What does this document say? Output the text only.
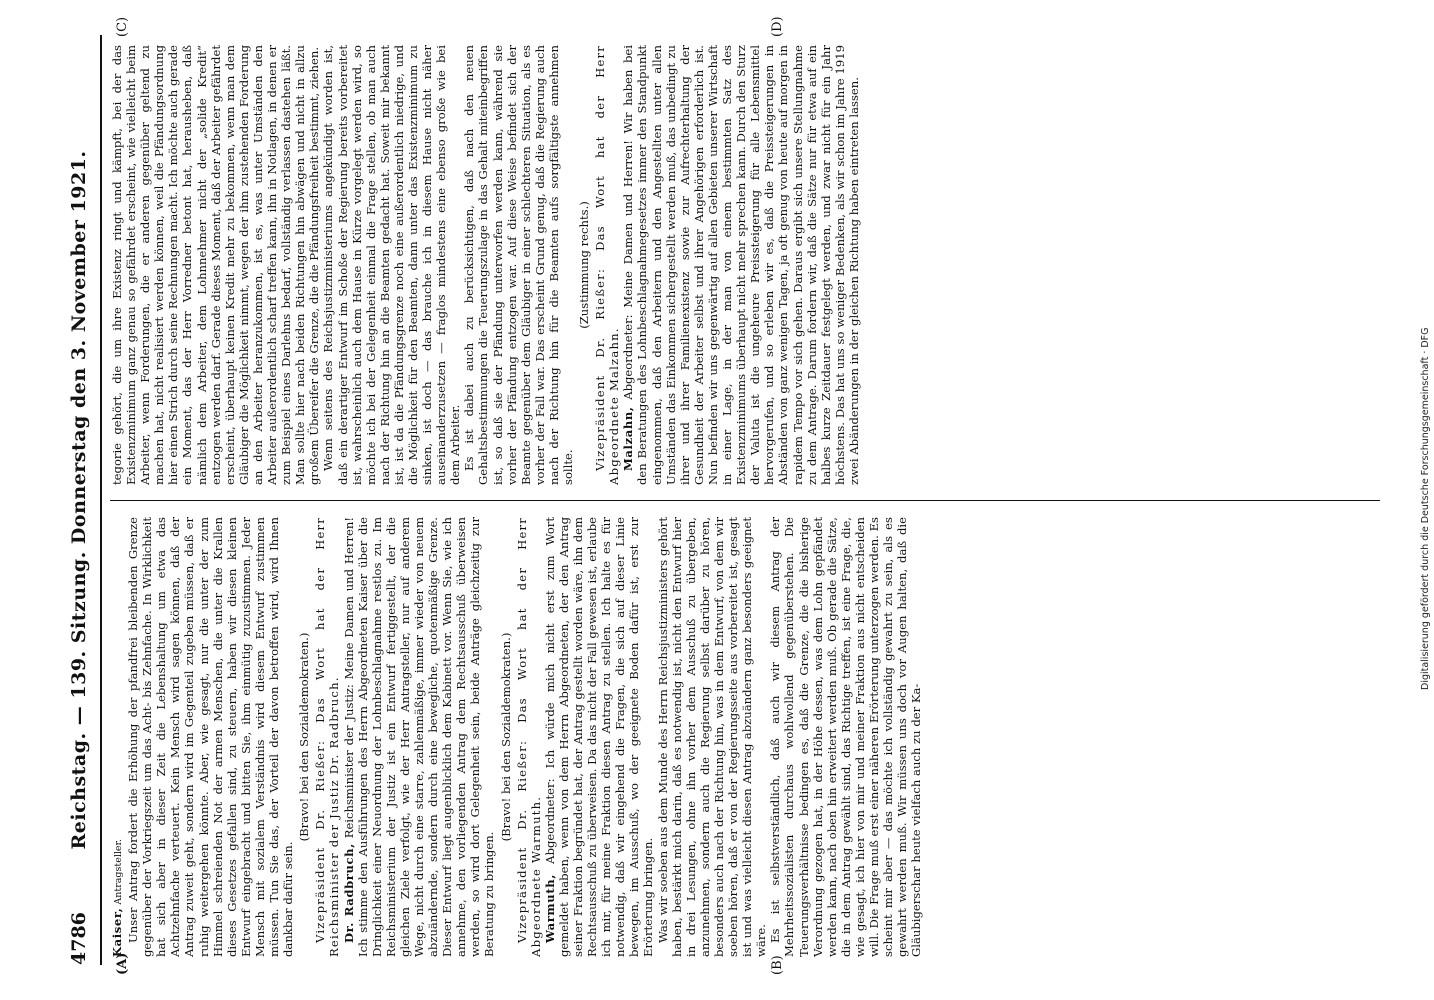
4786
Reichstag. — 139. Sitzung. Donnerstag den 3. November 1921.
(A)	(B)
(C)	(D)

Kaiser, Antragsteller. Unser Antrag fordert die Erhöhung der pfandfrei bleibenden Grenze gegenüber der Vorkriegszeit um das Acht- bis Zehnfache. In Wirklichkeit hat sich aber in dieser Zeit die Lebenshaltung um etwa das Achtzehnfache verteuert. Kein Mensch wird sagen können, daß der Antrag zuweit geht, sondern wird im Gegenteil zugeben müssen, daß er ruhig weitergehen könnte. Aber, wie gesagt, nur die unter der zum Himmel schreienden Not der armen Menschen, die unter die Krallen dieses Gesetzes gefallen sind, zu steuern, haben wir diesen kleinen Entwurf eingebracht und bitten Sie, ihm einmütig zuzustimmen. Jeder Mensch mit sozialem Verständnis wird diesem Entwurf zustimmen müssen. Tun Sie das, der Vorteil der davon betroffen wird, wird Ihnen dankbar dafür sein.

(Bravo! bei den Sozialdemokraten.) Vizepräsident Dr. Rießer: Das Wort hat der Herr Reichsminister der Justiz Dr. Radbruch. Dr. Radbruch, Reichsminister der Justiz: Meine Damen und Herren! Ich stimme den Ausführungen des Herrn Abgeordneten Kaiser über die Dringlichkeit einer Neuordnung der Lohnbeschlagnahme restlos zu. Im Reichsministerium der Justiz ist ein Entwurf fertiggestellt, der die gleichen Ziele verfolgt, wie der Herr Antragsteller, nur auf anderem Wege, nicht durch eine starre, zahlenmäßige, immer wieder von neuem abzuändernde, sondern durch eine bewegliche, quotenmäßige Grenze. Dieser Entwurf liegt augenblicklich dem Kabinett vor. Wenn Sie, wie ich annehme, den vorliegenden Antrag dem Rechtsausschuß überweisen werden, so wird dort Gelegenheit sein, beide Anträge gleichzeitig zur Beratung zu bringen.

(Bravo! bei den Sozialdemokraten.) Vizepräsident Dr. Rießer: Das Wort hat der Herr Abgeordnete Warmuth. Warmuth, Abgeordneter: Ich würde mich nicht erst zum Wort gemeldet haben, wenn von dem Herrn Abgeordneten, der den Antrag seiner Fraktion begründet hat, der Antrag gestellt worden wäre, ihn dem Rechtsausschuß zu überweisen. Da das nicht der Fall gewesen ist, erlaube ich mir, für meine Fraktion diesen Antrag zu stellen. Ich halte es für notwendig, daß wir eingehend die Fragen, die sich auf dieser Linie bewegen, im Ausschuß, wo der geeignete Boden dafür ist, erst zur Erörterung bringen. Was wir soeben aus dem Munde des Herrn Reichsjustizministers gehört haben, bestärkt mich darin, daß es notwendig ist, nicht den Entwurf hier in drei Lesungen, ohne ihn vorher dem Ausschuß zu übergeben, anzunehmen, sondern auch die Regierung selbst darüber zu hören, besonders auch nach der Richtung hin, was in dem Entwurf, von dem wir soeben hören, daß er von der Regierungsseite aus vorbereitet ist, gesagt ist und was vielleicht diesen Antrag abzuändern ganz besonders geeignet wäre. Es ist selbstverständlich, daß auch wir diesem Antrag der Mehrheitssozialisten durchaus wohlwollend gegenüberstehen. Die Teuerungsverhältnisse bedingen es, daß die Grenze, die die bisherige Verordnung gezogen hat, in der Höhe dessen, was dem Lohn gepfändet werden kann, nach oben hin erweitert werden muß. Ob gerade die Sätze, die in dem Antrag gewählt sind, das Richtige treffen, ist eine Frage, die, wie gesagt, ich hier von mir und meiner Fraktion aus nicht entscheiden will. Die Frage muß erst einer näheren Erörterung unterzogen werden. Es scheint mir aber — das möchte ich vollständig gewahrt zu sein, als es gewahrt werden muß. Wir müssen uns doch vor Augen halten, daß die Gläubigerschar heute vielfach auch zu der Ka-

tegorie gehört, die um ihre Existenz ringt und kämpft, bei der das Existenzminimum ganz genau so gefährdet erscheint, wie vielleicht beim Arbeiter, wenn Forderungen, die er anderen gegenüber geltend zu machen hat, nicht realisiert werden können, weil die Pfändungsordnung hier einen Strich durch seine Rechnungen macht. Ich möchte auch gerade ein Moment, das der Herr Vorredner betont hat, herausheben, daß nämlich dem Arbeiter, dem Lohnnehmer nicht der „solide Kredit“ entzogen werden darf. Gerade dieses Moment, daß der Arbeiter gefährdet erscheint, überhaupt keinen Kredit mehr zu bekommen, wenn man dem Gläubiger die Möglichkeit nimmt, wegen der ihm zustehenden Forderung an den Arbeiter heranzukommen, ist es, was unter Umständen den Arbeiter außerordentlich scharf treffen kann, ihn in Notlagen, in denen er zum Beispiel eines Darlehns bedarf, vollständig verlassen dastehen läßt. Man sollte hier nach beiden Richtungen hin abwägen und nicht in allzu großem Übereifer die Grenze, die die Pfändungsfreiheit bestimmt, ziehen. Wenn seitens des Reichsjustizministeriums angekündigt worden ist, daß ein derartiger Entwurf im Schoße der Regierung bereits vorbereitet ist, wahrscheinlich auch dem Hause in Kürze vorgelegt werden wird, so möchte ich bei der Gelegenheit einmal die Frage stellen, ob man auch nach der Richtung hin an die Beamten gedacht hat. Soweit mir bekannt ist, ist da die Pfändungsgrenze noch eine außerordentlich niedrige, und die Möglichkeit für den Beamten, dann unter das Existenzminimum zu sinken, ist doch — das brauche ich in diesem Hause nicht näher auseinanderzusetzen — fraglos mindestens eine ebenso große wie bei dem Arbeiter. Es ist dabei auch zu berücksichtigen, daß nach den neuen Gehaltsbestimmungen die Teuerungszulage in das Gehalt miteinbegriffen ist, so daß sie der Pfändung unterworfen werden kann, während sie vorher der Pfändung entzogen war. Auf diese Weise befindet sich der Beamte gegenüber dem Gläubiger in einer schlechteren Situation, als es vorher der Fall war. Das erscheint Grund genug, daß die Regierung auch nach der Richtung hin für die Beamten aufs sorgfältigste annehmen sollte.

(Zustimmung rechts.) Vizepräsident Dr. Rießer: Das Wort hat der Herr Abgeordnete Malzahn. Malzahn, Abgeordneter: Meine Damen und Herren! Wir haben bei den Beratungen des Lohnbeschlagnahmegesetzes immer den Standpunkt eingenommen, daß den Arbeitern und den Angestellten unter allen Umständen das Einkommen sichergestellt werden muß, das unbedingt zu ihrer und ihrer Familienexistenz sowie zur Aufrechterhaltung der Gesundheit der Arbeiter selbst und ihrer Angehörigen erforderlich ist. Nun befinden wir uns gegenwärtig auf allen Gebieten unserer Wirtschaft in einer Lage, in der man von einem bestimmten Satz des Existenzminimums überhaupt nicht mehr sprechen kann. Durch den Sturz der Valuta ist die ungeheure Preissteigerung für alle Lebensmittel hervorgerufen, und so erleben wir es, daß die Preissteigerungen in Abständen von ganz wenigen Tagen, ja oft genug von heute auf morgen in rapidem Tempo vor sich gehen. Daraus ergibt sich unsere Stellungnahme zu dem Antrage. Darum fordern wir, daß die Sätze nur für etwa auf ein halbes kurze Zeitdauer festgelegt werden, und zwar nicht für ein Jahr höchstens. Das hat uns so weniger Bedenken, als wir schon im Jahre 1919 zwei Abänderungen in der gleichen Richtung haben eintreten lassen.

Digitalisierung gefördert durch die Deutsche Forschungsgemeinschaft · DFG
